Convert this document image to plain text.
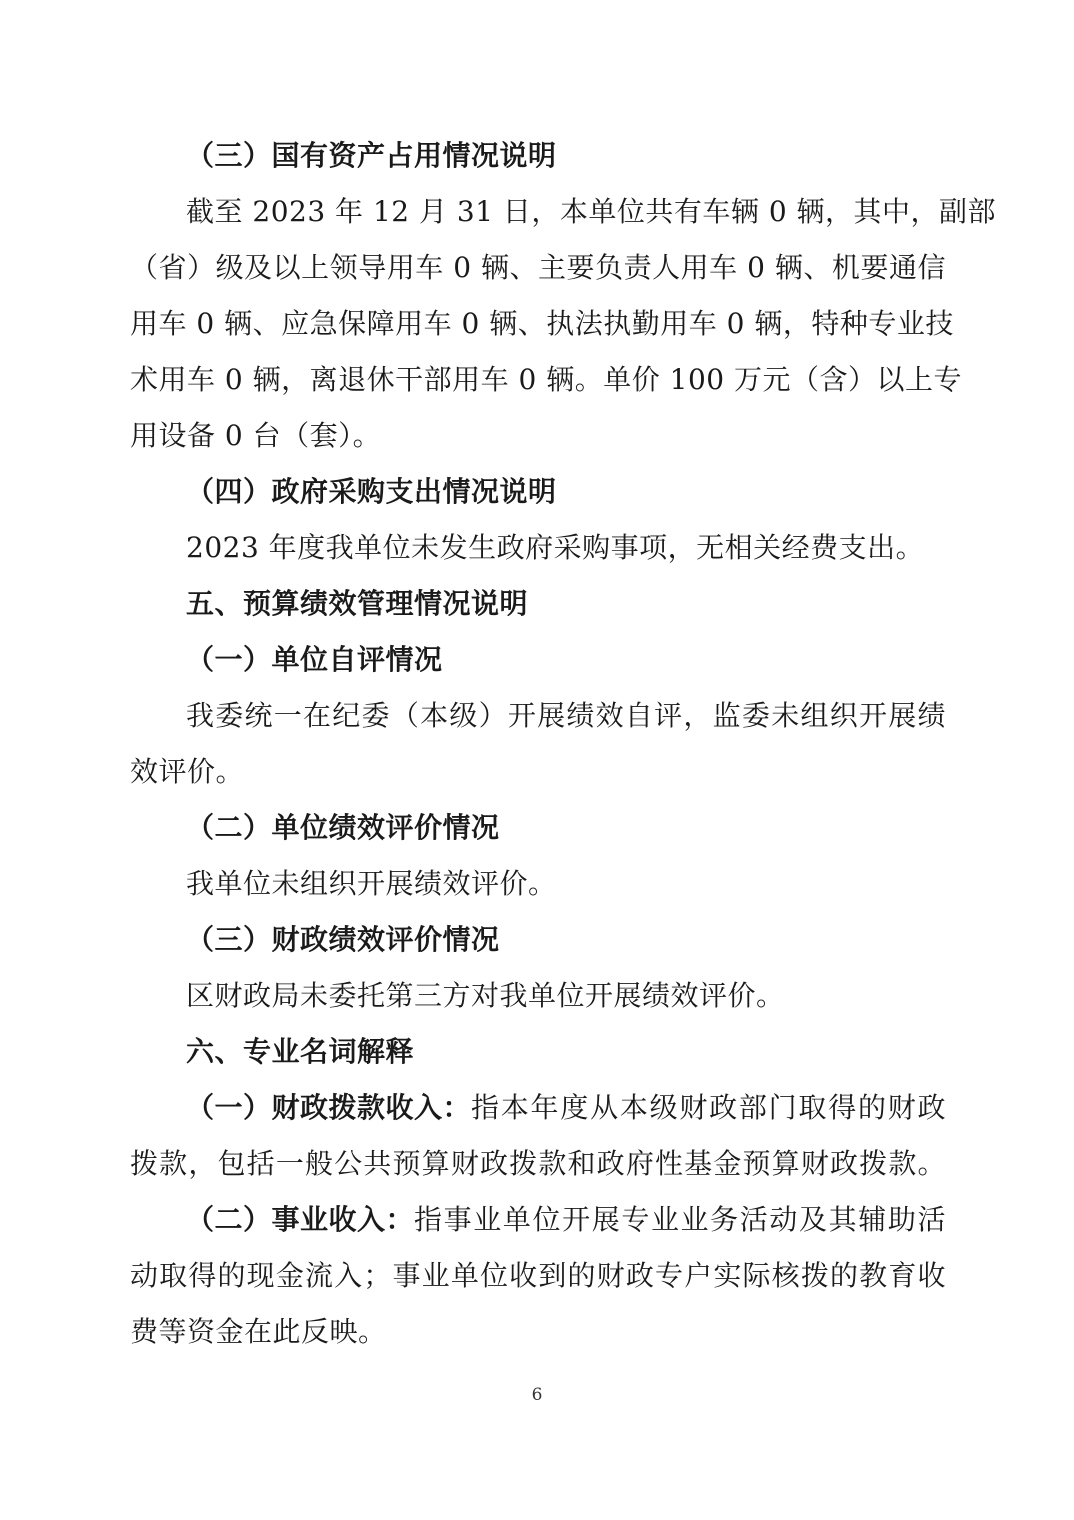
（三）国有资产占用情况说明
截至 2023 年 12 月 31 日，本单位共有车辆 0 辆，其中，副部
（省）级及以上领导用车 0 辆、主要负责人用车 0 辆、机要通信
用车 0 辆、应急保障用车 0 辆、执法执勤用车 0 辆，特种专业技
术用车 0 辆，离退休干部用车 0 辆。单价 100 万元（含）以上专
用设备 0 台（套）。
（四）政府采购支出情况说明
2023 年度我单位未发生政府采购事项，无相关经费支出。
五、预算绩效管理情况说明
（一）单位自评情况
我委统一在纪委（本级）开展绩效自评，监委未组织开展绩
效评价。
（二）单位绩效评价情况
我单位未组织开展绩效评价。
（三）财政绩效评价情况
区财政局未委托第三方对我单位开展绩效评价。
六、专业名词解释
（一）财政拨款收入： 指本年度从本级财政部门取得的财政
拨款，包括一般公共预算财政拨款和政府性基金预算财政拨款。
（二）事业收入： 指事业单位开展专业业务活动及其辅助活
动取得的现金流入；事业单位收到的财政专户实际核拨的教育收
费等资金在此反映。
6
